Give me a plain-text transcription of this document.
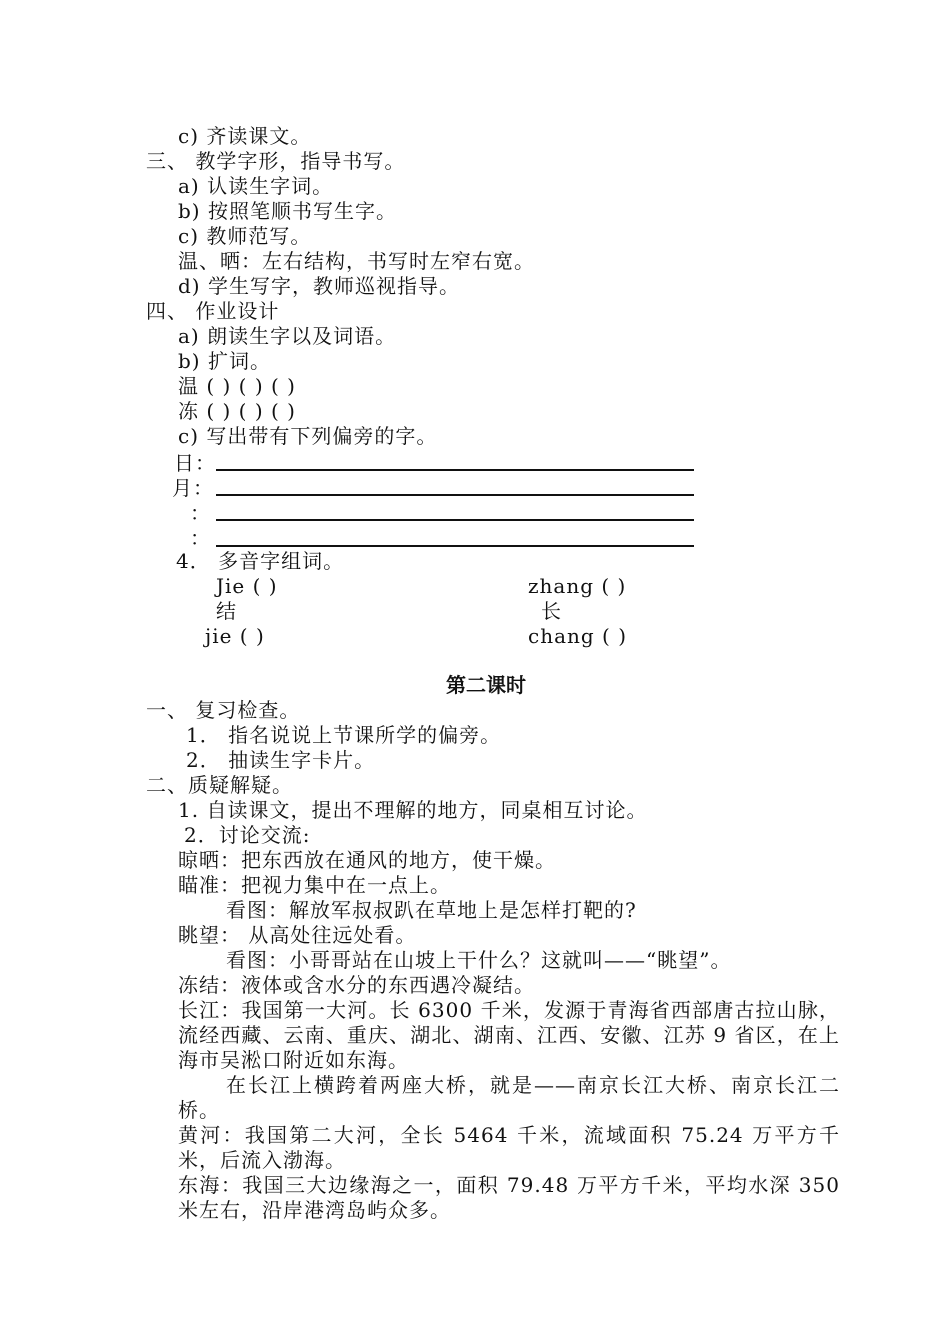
c) 齐读课文。
三、 教学字形，指导书写。
a) 认读生字词。
b) 按照笔顺书写生字。
c) 教师范写。
温、晒：左右结构，书写时左窄右宽。
d) 学生写字，教师巡视指导。
四、 作业设计
a) 朗读生字以及词语。
b) 扩词。
温 ( ) ( ) ( )
冻 ( ) ( ) ( )
c) 写出带有下列偏旁的字。
日：
月：
：
：
4． 多音字组词。
Jie ( )	zhang ( )
结	长
jie ( )	chang ( )
第二课时
一、 复习检查。
1． 指名说说上节课所学的偏旁。
2． 抽读生字卡片。
二、质疑解疑。
1. 自读课文，提出不理解的地方，同桌相互讨论。
2．讨论交流:
晾晒：把东西放在通风的地方，使干燥。
瞄准：把视力集中在一点上。
看图：解放军叔叔趴在草地上是怎样打靶的?
眺望： 从高处往远处看。
看图：小哥哥站在山坡上干什么？这就叫——“眺望”。
冻结：液体或含水分的东西遇冷凝结。
长江：我国第一大河。长 6300 千米，发源于青海省西部唐古拉山脉，流经西藏、云南、重庆、湖北、湖南、江西、安徽、江苏 9 省区，在上海市吴淞口附近如东海。
在长江上横跨着两座大桥，就是——南京长江大桥、南京长江二桥。
黄河：我国第二大河，全长 5464 千米，流域面积 75.24 万平方千米，后流入渤海。
东海：我国三大边缘海之一，面积 79.48 万平方千米，平均水深 350 米左右，沿岸港湾岛屿众多。
